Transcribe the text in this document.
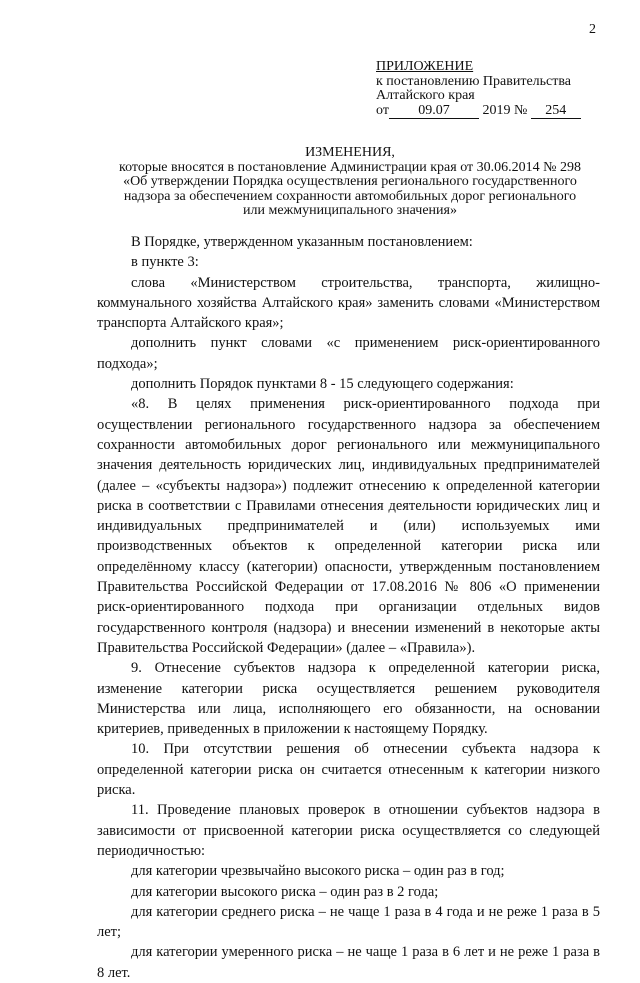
2
ПРИЛОЖЕНИЕ
к постановлению Правительства
Алтайского края
от 09.07 2019 № 254
ИЗМЕНЕНИЯ,
которые вносятся в постановление Администрации края от 30.06.2014 № 298
«Об утверждении Порядка осуществления регионального государственного
надзора за обеспечением сохранности автомобильных дорог регионального
или межмуниципального значения»

В Порядке, утвержденном указанным постановлением:

в пункте 3:

слова «Министерством строительства, транспорта, жилищно-коммунального хозяйства Алтайского края» заменить словами «Министерством транспорта Алтайского края»;

дополнить пункт словами «с применением риск-ориентированного подхода»;

дополнить Порядок пунктами 8 - 15 следующего содержания:

«8. В целях применения риск-ориентированного подхода при осуществлении регионального государственного надзора за обеспечением сохранности автомобильных дорог регионального или межмуниципального значения деятельность юридических лиц, индивидуальных предпринимателей (далее – «субъекты надзора») подлежит отнесению к определенной категории риска в соответствии с Правилами отнесения деятельности юридических лиц и индивидуальных предпринимателей и (или) используемых ими производственных объектов к определенной категории риска или определённому классу (категории) опасности, утвержденным постановлением Правительства Российской Федерации от 17.08.2016 № 806 «О применении риск-ориентированного подхода при организации отдельных видов государственного контроля (надзора) и внесении изменений в некоторые акты Правительства Российской Федерации» (далее – «Правила»).

9. Отнесение субъектов надзора к определенной категории риска, изменение категории риска осуществляется решением руководителя Министерства или лица, исполняющего его обязанности, на основании критериев, приведенных в приложении к настоящему Порядку.

10. При отсутствии решения об отнесении субъекта надзора к определенной категории риска он считается отнесенным к категории низкого риска.

11. Проведение плановых проверок в отношении субъектов надзора в зависимости от присвоенной категории риска осуществляется со следующей периодичностью:

для категории чрезвычайно высокого риска – один раз в год;

для категории высокого риска – один раз в 2 года;

для категории среднего риска – не чаще 1 раза в 4 года и не реже 1 раза в 5 лет;

для категории умеренного риска – не чаще 1 раза в 6 лет и не реже 1 раза в 8 лет.
